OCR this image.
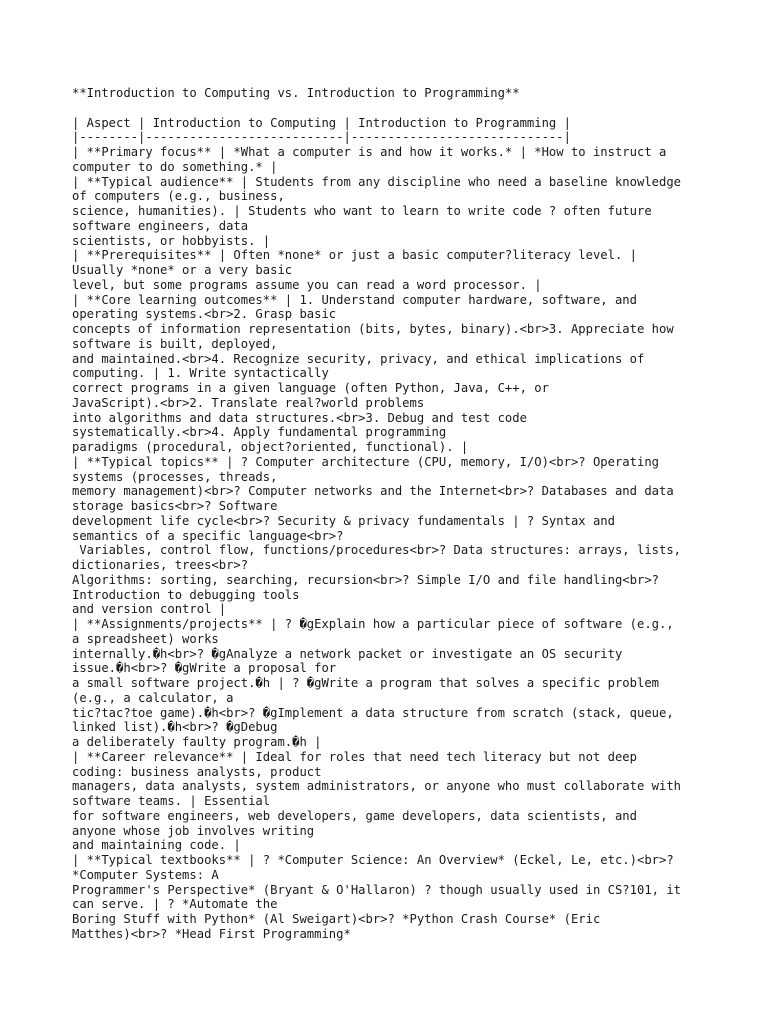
**Introduction to Computing vs. Introduction to Programming**
| Aspect | Introduction to Computing | Introduction to Programming |
|--------|---------------------------|-----------------------------|
| **Primary focus** | *What a computer is and how it works.* | *How to instruct a
computer to do something.* |
| **Typical audience** | Students from any discipline who need a baseline knowledge
of computers (e.g., business,
science, humanities). | Students who want to learn to write code ? often future
software engineers, data
scientists, or hobbyists. |
| **Prerequisites** | Often *none* or just a basic computer?literacy level. |
Usually *none* or a very basic
level, but some programs assume you can read a word processor. |
| **Core learning outcomes** | 1. Understand computer hardware, software, and
operating systems.<br>2. Grasp basic
concepts of information representation (bits, bytes, binary).<br>3. Appreciate how
software is built, deployed,
and maintained.<br>4. Recognize security, privacy, and ethical implications of
computing. | 1. Write syntactically
correct programs in a given language (often Python, Java, C++, or
JavaScript).<br>2. Translate real?world problems
into algorithms and data structures.<br>3. Debug and test code
systematically.<br>4. Apply fundamental programming
paradigms (procedural, object?oriented, functional). |
| **Typical topics** | ? Computer architecture (CPU, memory, I/O)<br>? Operating
systems (processes, threads,
memory management)<br>? Computer networks and the Internet<br>? Databases and data
storage basics<br>? Software
development life cycle<br>? Security & privacy fundamentals | ? Syntax and
semantics of a specific language<br>?
Variables, control flow, functions/procedures<br>? Data structures: arrays, lists,
dictionaries, trees<br>?
Algorithms: sorting, searching, recursion<br>? Simple I/O and file handling<br>?
Introduction to debugging tools
and version control |
| **Assignments/projects** | ? �gExplain how a particular piece of software (e.g.,
a spreadsheet) works
internally.�h<br>? �gAnalyze a network packet or investigate an OS security
issue.�h<br>? �gWrite a proposal for
a small software project.�h | ? �gWrite a program that solves a specific problem
(e.g., a calculator, a
tic?tac?toe game).�h<br>? �gImplement a data structure from scratch (stack, queue,
linked list).�h<br>? �gDebug
a deliberately faulty program.�h |
| **Career relevance** | Ideal for roles that need tech literacy but not deep
coding: business analysts, product
managers, data analysts, system administrators, or anyone who must collaborate with
software teams. | Essential
for software engineers, web developers, game developers, data scientists, and
anyone whose job involves writing
and maintaining code. |
| **Typical textbooks** | ? *Computer Science: An Overview* (Eckel, Le, etc.)<br>?
*Computer Systems: A
Programmer's Perspective* (Bryant & O'Hallaron) ? though usually used in CS?101, it
can serve. | ? *Automate the
Boring Stuff with Python* (Al Sweigart)<br>? *Python Crash Course* (Eric
Matthes)<br>? *Head First Programming*
